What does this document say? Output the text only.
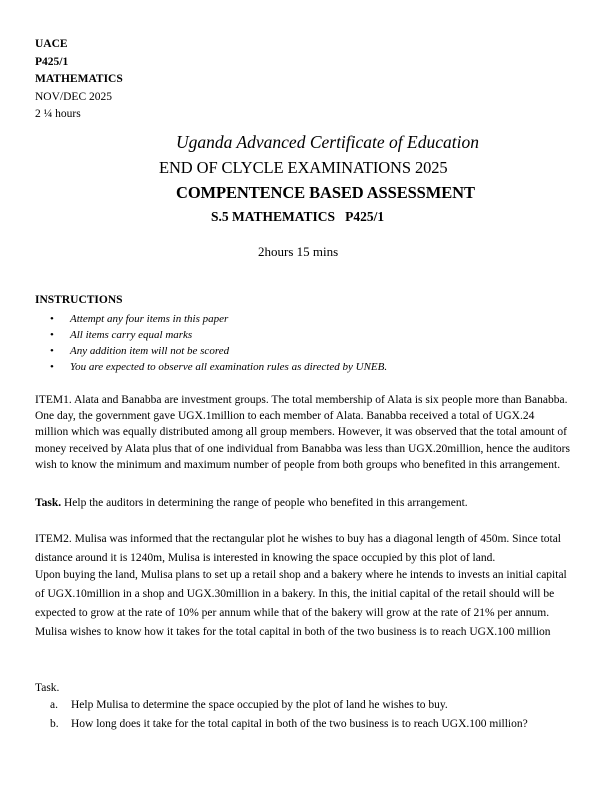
UACE
P425/1
MATHEMATICS
NOV/DEC 2025
2 ¼ hours
Uganda Advanced Certificate of Education
END OF CLYCLE EXAMINATIONS 2025
COMPENTENCE BASED ASSESSMENT
S.5 MATHEMATICS   P425/1
2hours 15 mins
INSTRUCTIONS
• Attempt any four items in this paper
• All items carry equal marks
• Any addition item will not be scored
• You are expected to observe all examination rules as directed by UNEB.
ITEM1. Alata and Banabba are investment groups. The total membership of Alata is six people more than Banabba. One day, the government gave UGX.1million to each member of Alata. Banabba received a total of UGX.24 million which was equally distributed among all group members. However, it was observed that the total amount of money received by Alata plus that of one individual from Banabba was less than UGX.20million, hence the auditors wish to know the minimum and maximum number of people from both groups who benefited in this arrangement.
Task. Help the auditors in determining the range of people who benefited in this arrangement.
ITEM2. Mulisa was informed that the rectangular plot he wishes to buy has a diagonal length of 450m. Since total distance around it is 1240m, Mulisa is interested in knowing the space occupied by this plot of land.
Upon buying the land, Mulisa plans to set up a retail shop and a bakery where he intends to invests an initial capital of UGX.10million in a shop and UGX.30million in a bakery. In this, the initial capital of the retail should will be expected to grow at the rate of 10% per annum while that of the bakery will grow at the rate of 21% per annum. Mulisa wishes to know how it takes for the total capital in both of the two business is to reach UGX.100 million
Task.
a. Help Mulisa to determine the space occupied by the plot of land he wishes to buy.
b. How long does it take for the total capital in both of the two business is to reach UGX.100 million?
